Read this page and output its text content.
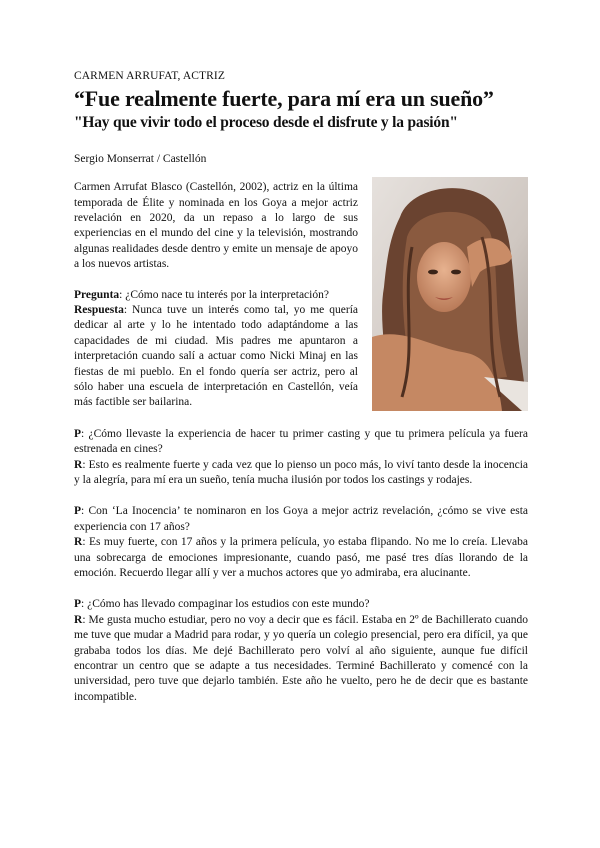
CARMEN ARRUFAT, ACTRIZ
“Fue realmente fuerte, para mí era un sueño”
"Hay que vivir todo el proceso desde el disfrute y la pasión"
Sergio Monserrat / Castellón

Carmen Arrufat Blasco (Castellón, 2002), actriz en la última temporada de Élite y nominada en los Goya a mejor actriz revelación en 2020, da un repaso a lo largo de sus experiencias en el mundo del cine y la televisión, mostrando algunas realidades desde dentro y emite un mensaje de apoyo a los nuevos artistas.

Pregunta: ¿Cómo nace tu interés por la interpretación?
Respuesta: Nunca tuve un interés como tal, yo me quería dedicar al arte y lo he intentado todo adaptándome a las capacidades de mi ciudad. Mis padres me apuntaron a interpretación cuando salí a actuar como Nicki Minaj en las fiestas de mi pueblo. En el fondo quería ser actriz, pero al sólo haber una escuela de interpretación en Castellón, veía más factible ser bailarina.

P: ¿Cómo llevaste la experiencia de hacer tu primer casting y que tu primera película ya fuera estrenada en cines?
R: Esto es realmente fuerte y cada vez que lo pienso un poco más, lo viví tanto desde la inocencia y la alegría, para mí era un sueño, tenía mucha ilusión por todos los castings y rodajes.

P: Con ‘La Inocencia’ te nominaron en los Goya a mejor actriz revelación, ¿cómo se vive esta experiencia con 17 años?
R: Es muy fuerte, con 17 años y la primera película, yo estaba flipando. No me lo creía. Llevaba una sobrecarga de emociones impresionante, cuando pasó, me pasé tres días llorando de la emoción. Recuerdo llegar allí y ver a muchos actores que yo admiraba, era alucinante.

P: ¿Cómo has llevado compaginar los estudios con este mundo?
R: Me gusta mucho estudiar, pero no voy a decir que es fácil. Estaba en 2º de Bachillerato cuando me tuve que mudar a Madrid para rodar, y yo quería un colegio presencial, pero era difícil, ya que grababa todos los días. Me dejé Bachillerato pero volví al año siguiente, aunque fue difícil encontrar un centro que se adapte a tus necesidades. Terminé Bachillerato y comencé con la universidad, pero tuve que dejarlo también. Este año he vuelto, pero he de decir que es bastante incompatible.
